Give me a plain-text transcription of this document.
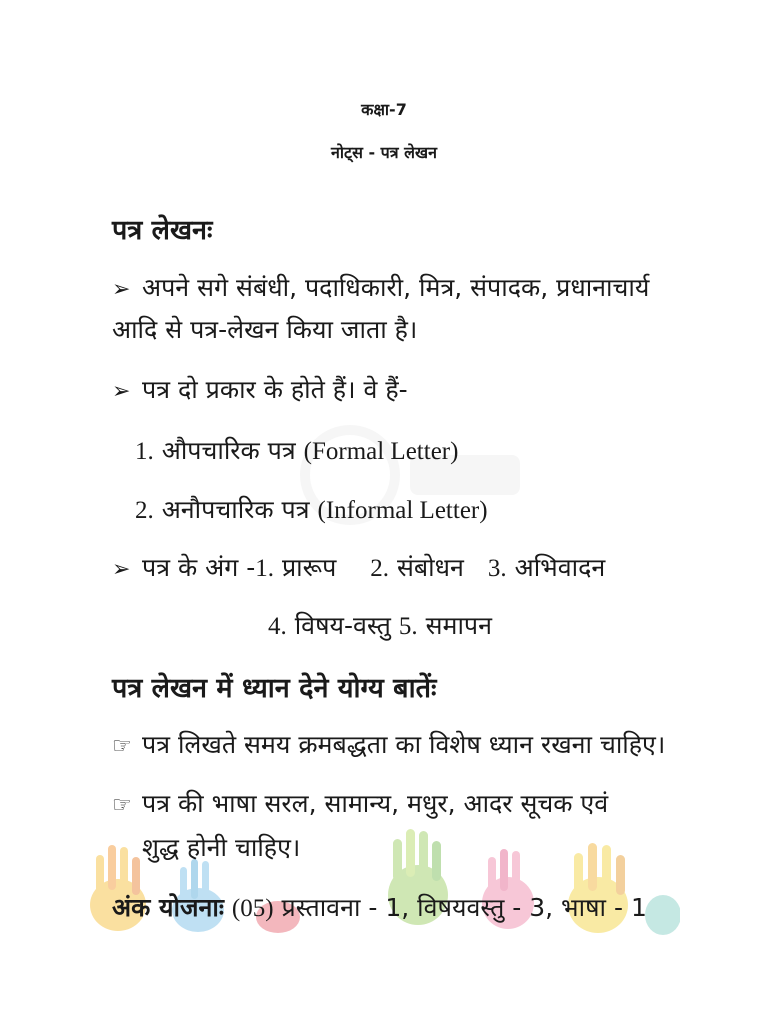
कक्षा-7
नोट्स - पत्र लेखन
पत्र लेखनः
➢ अपने सगे संबंधी, पदाधिकारी, मित्र, संपादक, प्रधानाचार्य
आदि से पत्र-लेखन किया जाता है।
➢ पत्र दो प्रकार के होते हैं। वे हैं-
1. औपचारिक पत्र (Formal Letter)
2. अनौपचारिक पत्र (Informal Letter)
➢ पत्र के अंग -1. प्रारूप 2. संबोधन 3. अभिवादन
4. विषय-वस्तु 5. समापन
पत्र लेखन में ध्यान देने योग्य बातेंः
☞ पत्र लिखते समय क्रमबद्धता का विशेष ध्यान रखना चाहिए।
☞ पत्र की भाषा सरल, सामान्य, मधुर, आदर सूचक एवं
शुद्ध होनी चाहिए।
अंक योजनाः (05) प्रस्तावना - 1, विषयवस्तु - 3, भाषा - 1
